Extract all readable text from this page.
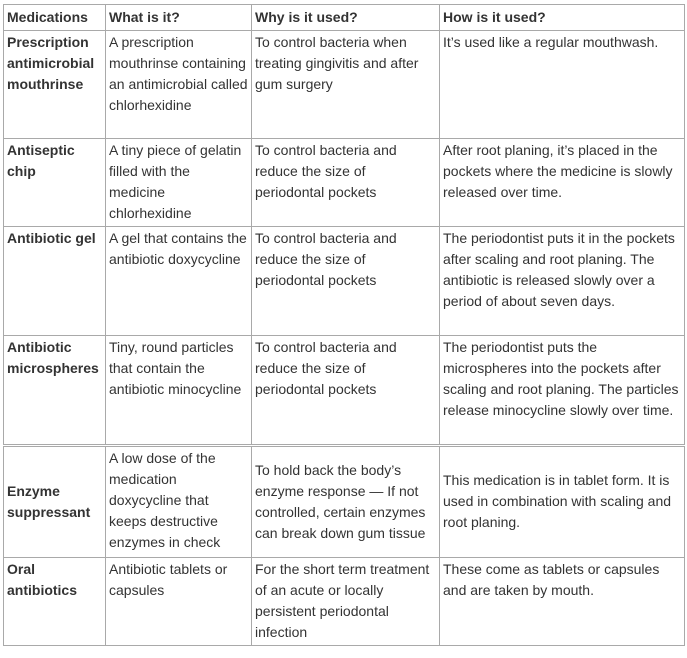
Medications	What is it?	Why is it used?	How is it used?
Prescription antimicrobial mouthrinse	A prescription mouthrinse containing an antimicrobial called chlorhexidine	To control bacteria when treating gingivitis and after gum surgery	It’s used like a regular mouthwash.
Antiseptic chip	A tiny piece of gelatin filled with the medicine chlorhexidine	To control bacteria and reduce the size of periodontal pockets	After root planing, it’s placed in the pockets where the medicine is slowly released over time.
Antibiotic gel	A gel that contains the antibiotic doxycycline	To control bacteria and reduce the size of periodontal pockets	The periodontist puts it in the pockets after scaling and root planing. The antibiotic is released slowly over a period of about seven days.
Antibiotic microspheres	Tiny, round particles that contain the antibiotic minocycline	To control bacteria and reduce the size of periodontal pockets	The periodontist puts the microspheres into the pockets after scaling and root planing. The particles release minocycline slowly over time.
Enzyme suppressant	A low dose of the medication doxycycline that keeps destructive enzymes in check	To hold back the body’s enzyme response — If not controlled, certain enzymes can break down gum tissue	This medication is in tablet form. It is used in combination with scaling and root planing.
Oral antibiotics	Antibiotic tablets or capsules	For the short term treatment of an acute or locally persistent periodontal infection	These come as tablets or capsules and are taken by mouth.
